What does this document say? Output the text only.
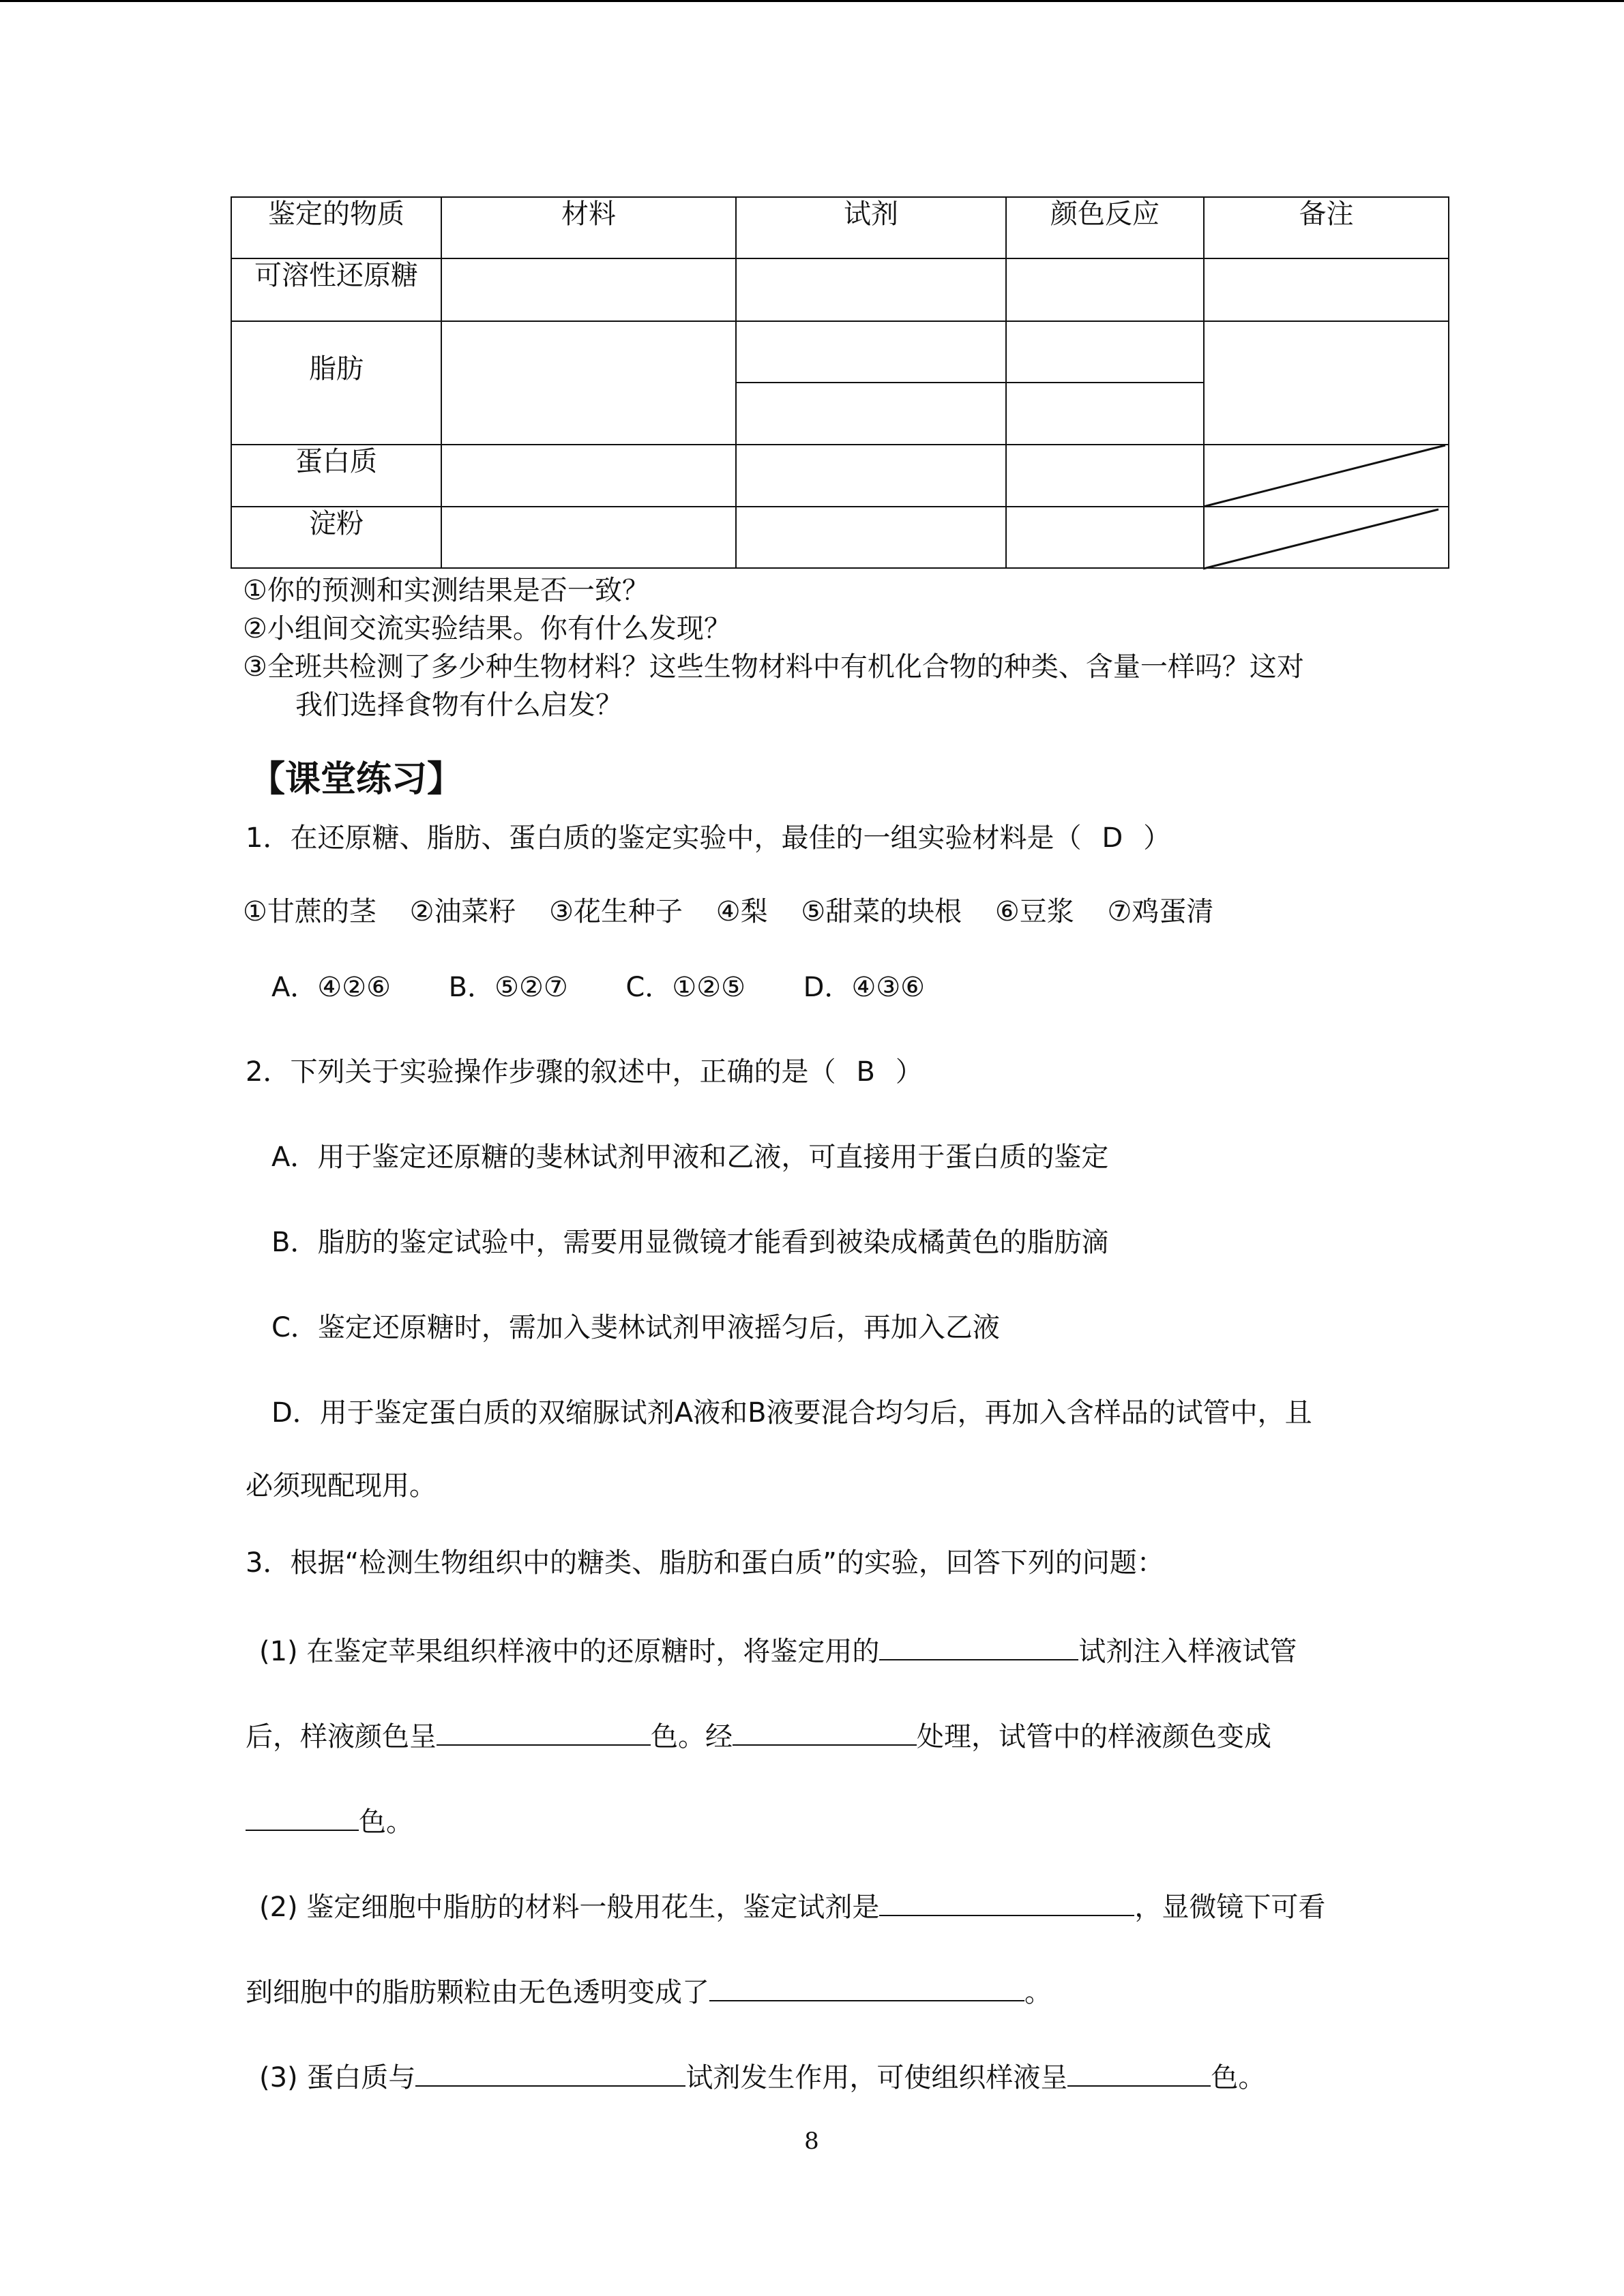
鉴定的物质	材料	试剂	颜色反应	备注
可溶性还原糖
脂肪
蛋白质
淀粉
①你的预测和实测结果是否一致？
②小组间交流实验结果。你有什么发现？
③全班共检测了多少种生物材料？这些生物材料中有机化合物的种类、含量一样吗？这对
我们选择食物有什么启发？
【课堂练习】
1．在还原糖、脂肪、蛋白质的鉴定实验中，最佳的一组实验材料是（ D ）
①甘蔗的茎 ②油菜籽 ③花生种子 ④梨 ⑤甜菜的块根 ⑥豆浆 ⑦鸡蛋清
A．④②⑥ B．⑤②⑦ C．①②⑤ D．④③⑥
2．下列关于实验操作步骤的叙述中，正确的是（ B ）
A．用于鉴定还原糖的斐林试剂甲液和乙液，可直接用于蛋白质的鉴定
B．脂肪的鉴定试验中，需要用显微镜才能看到被染成橘黄色的脂肪滴
C．鉴定还原糖时，需加入斐林试剂甲液摇匀后，再加入乙液
D．用于鉴定蛋白质的双缩脲试剂A液和B液要混合均匀后，再加入含样品的试管中，且
必须现配现用。
3．根据“检测生物组织中的糖类、脂肪和蛋白质”的实验，回答下列的问题：
(1) 在鉴定苹果组织样液中的还原糖时，将鉴定用的	试剂注入样液试管
后，样液颜色呈	色。经	处理，试管中的样液颜色变成
色。
(2) 鉴定细胞中脂肪的材料一般用花生，鉴定试剂是	，显微镜下可看
到细胞中的脂肪颗粒由无色透明变成了	。
(3) 蛋白质与	试剂发生作用，可使组织样液呈	色。
8
